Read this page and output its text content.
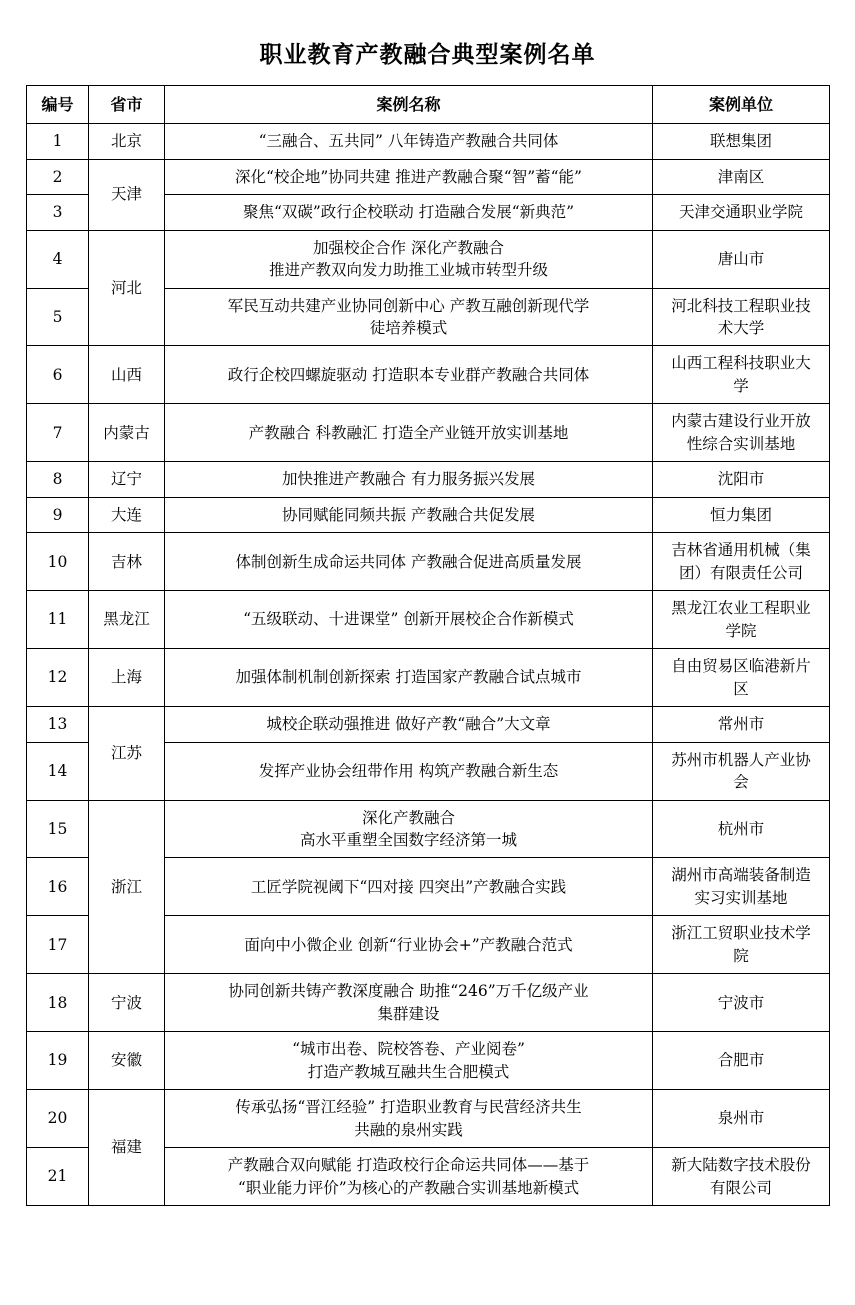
职业教育产教融合典型案例名单
编号	省市	案例名称	案例单位
1	北京	“三融合、五共同” 八年铸造产教融合共同体	联想集团

2	天津	深化“校企地”协同共建 推进产教融合聚“智”蓄“能”	津南区

3		聚焦“双碳”政行企校联动 打造融合发展“新典范”	天津交通职业学院

4	河北	加强校企合作 深化产教融合
推进产教双向发力助推工业城市转型升级	唐山市

5		军民互动共建产业协同创新中心 产教互融创新现代学
徒培养模式	河北科技工程职业技
术大学

6	山西	政行企校四螺旋驱动 打造职本专业群产教融合共同体	山西工程科技职业大
学

7	内蒙古	产教融合 科教融汇 打造全产业链开放实训基地	内蒙古建设行业开放
性综合实训基地

8	辽宁	加快推进产教融合 有力服务振兴发展	沈阳市

9	大连	协同赋能同频共振 产教融合共促发展	恒力集团

10	吉林	体制创新生成命运共同体 产教融合促进高质量发展	吉林省通用机械（集
团）有限责任公司

11	黑龙江	“五级联动、十进课堂” 创新开展校企合作新模式	黑龙江农业工程职业
学院

12	上海	加强体制机制创新探索 打造国家产教融合试点城市	自由贸易区临港新片
区

13	江苏	城校企联动强推进 做好产教“融合”大文章	常州市

14		发挥产业协会纽带作用 构筑产教融合新生态	苏州市机器人产业协
会

15	浙江	深化产教融合
高水平重塑全国数字经济第一城	杭州市

16		工匠学院视阈下“四对接 四突出”产教融合实践	湖州市高端装备制造
实习实训基地

17		面向中小微企业 创新“行业协会+”产教融合范式	浙江工贸职业技术学
院

18	宁波	协同创新共铸产教深度融合 助推“246”万千亿级产业
集群建设	宁波市

19	安徽	“城市出卷、院校答卷、产业阅卷”
打造产教城互融共生合肥模式	合肥市

20	福建	传承弘扬“晋江经验” 打造职业教育与民营经济共生
共融的泉州实践	泉州市

21		产教融合双向赋能 打造政校行企命运共同体——基于
“职业能力评价”为核心的产教融合实训基地新模式	新大陆数字技术股份
有限公司
